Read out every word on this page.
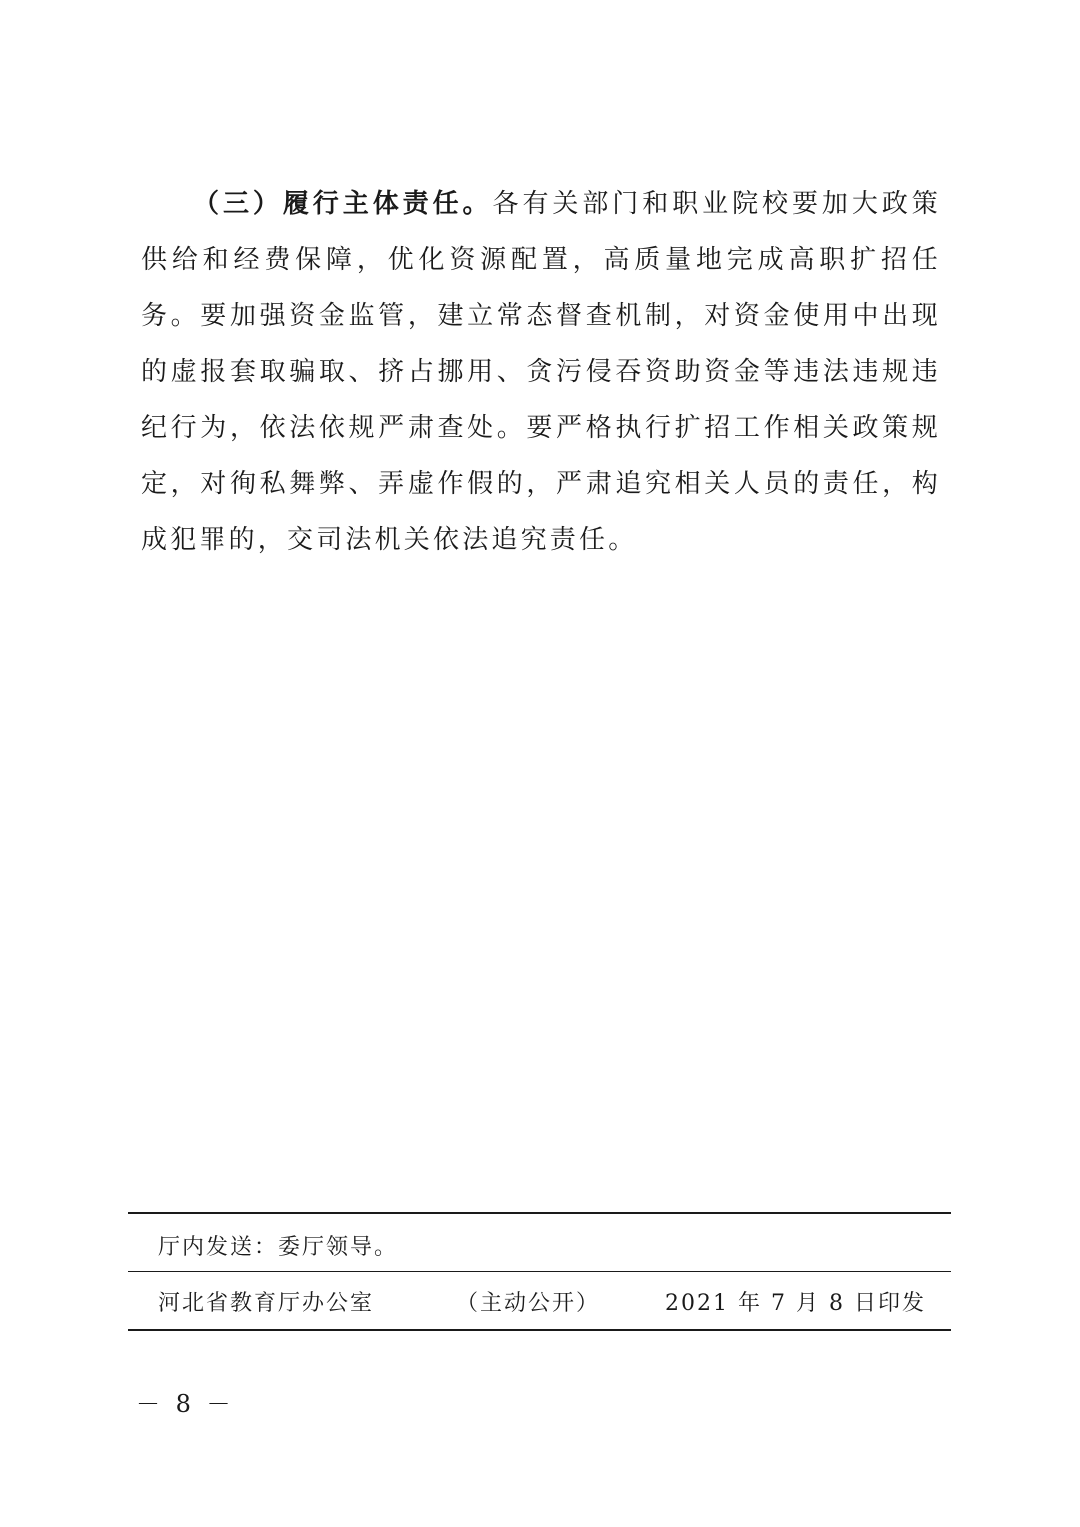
（三）履行主体责任。各有关部门和职业院校要加大政策供给和经费保障，优化资源配置，高质量地完成高职扩招任务。要加强资金监管，建立常态督查机制，对资金使用中出现的虚报套取骗取、挤占挪用、贪污侵吞资助资金等违法违规违纪行为，依法依规严肃查处。要严格执行扩招工作相关政策规定，对徇私舞弊、弄虚作假的，严肃追究相关人员的责任，构成犯罪的，交司法机关依法追究责任。

厅内发送：委厅领导。
河北省教育厅办公室	（主动公开）	2021 年 7 月 8 日印发
－ 8 －
